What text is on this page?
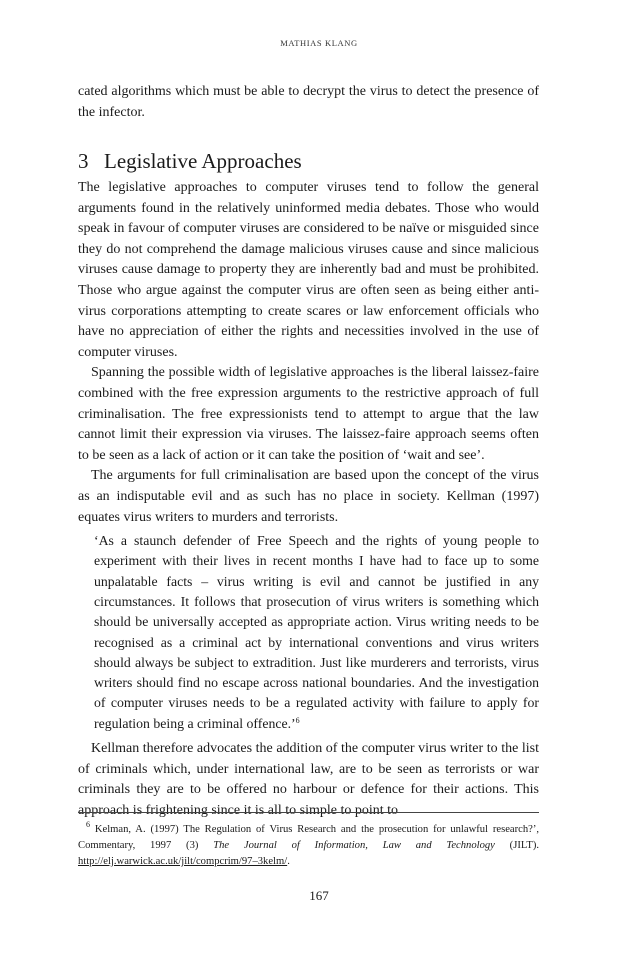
MATHIAS KLANG

cated algorithms which must be able to decrypt the virus to detect the presence of the infector.

3 Legislative Approaches

The legislative approaches to computer viruses tend to follow the general arguments found in the relatively uninformed media debates. Those who would speak in favour of computer viruses are considered to be naïve or misguided since they do not comprehend the damage malicious viruses cause and since malicious viruses cause damage to property they are inherently bad and must be prohibited. Those who argue against the computer virus are often seen as being either anti-virus corporations attempting to create scares or law enforcement officials who have no appreciation of either the rights and necessities involved in the use of computer viruses.

Spanning the possible width of legislative approaches is the liberal laissez-faire combined with the free expression arguments to the restrictive approach of full criminalisation. The free expressionists tend to attempt to argue that the law cannot limit their expression via viruses. The laissez-faire approach seems often to be seen as a lack of action or it can take the position of ‘wait and see’.

The arguments for full criminalisation are based upon the concept of the virus as an indisputable evil and as such has no place in society. Kellman (1997) equates virus writers to murders and terrorists.

‘As a staunch defender of Free Speech and the rights of young people to experiment with their lives in recent months I have had to face up to some unpalatable facts – virus writing is evil and cannot be justified in any circumstances. It follows that prosecution of virus writers is something which should be universally accepted as appropriate action. Virus writing needs to be recognised as a criminal act by international conventions and virus writers should always be subject to extradition. Just like murderers and terrorists, virus writers should find no escape across national boundaries. And the investigation of computer viruses needs to be a regulated activity with failure to apply for regulation being a criminal offence.’$^6$

Kellman therefore advocates the addition of the computer virus writer to the list of criminals which, under international law, are to be seen as terrorists or war criminals they are to be offered no harbour or defence for their actions. This approach is frightening since it is all to simple to point to

$^6$ Kelman, A. (1997) The Regulation of Virus Research and the prosecution for unlawful research?’, Commentary, 1997 (3) The Journal of Information, Law and Technology (JILT). http://elj.warwick.ac.uk/jilt/compcrim/97–3kelm/.
167
